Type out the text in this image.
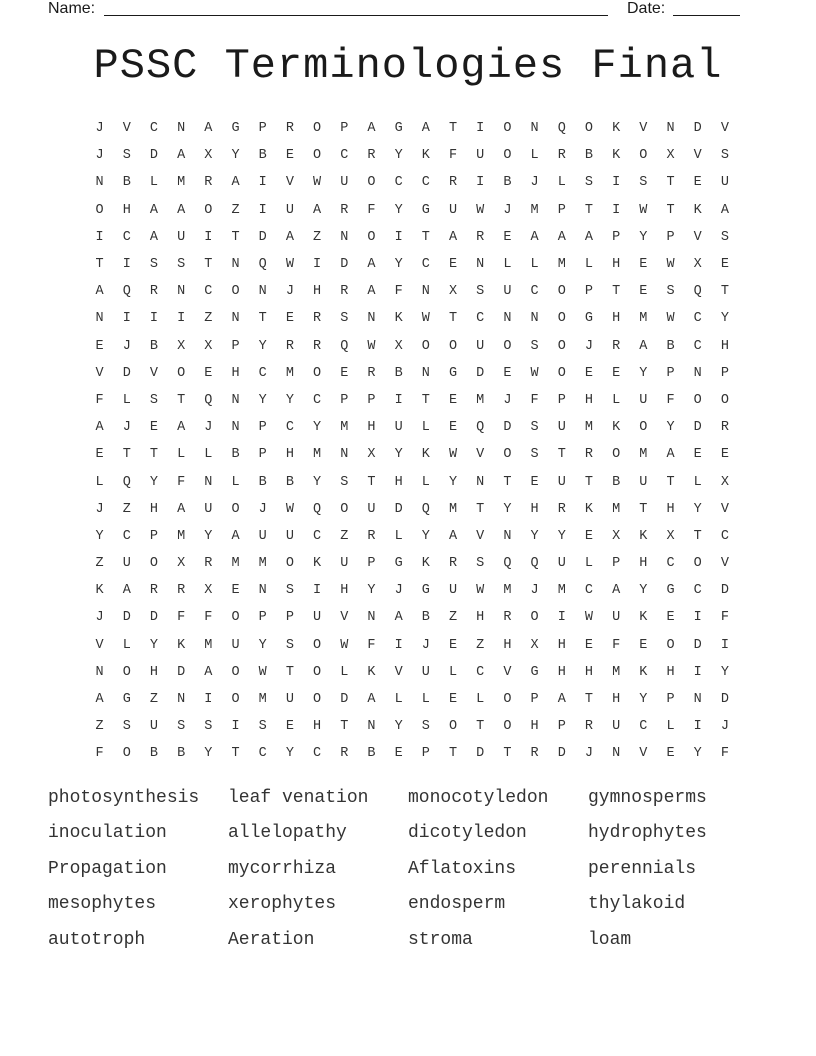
Name:	Date:
PSSC Terminologies Final
J	V	C	N	A	G	P	R	O	P	A	G	A	T	I	O	N	Q	O	K	V	N	D	V
J	S	D	A	X	Y	B	E	O	C	R	Y	K	F	U	O	L	R	B	K	O	X	V	S
N	B	L	M	R	A	I	V	W	U	O	C	C	R	I	B	J	L	S	I	S	T	E	U
O	H	A	A	O	Z	I	U	A	R	F	Y	G	U	W	J	M	P	T	I	W	T	K	A
I	C	A	U	I	T	D	A	Z	N	O	I	T	A	R	E	A	A	A	P	Y	P	V	S
T	I	S	S	T	N	Q	W	I	D	A	Y	C	E	N	L	L	M	L	H	E	W	X	E
A	Q	R	N	C	O	N	J	H	R	A	F	N	X	S	U	C	O	P	T	E	S	Q	T
N	I	I	I	Z	N	T	E	R	S	N	K	W	T	C	N	N	O	G	H	M	W	C	Y
E	J	B	X	X	P	Y	R	R	Q	W	X	O	O	U	O	S	O	J	R	A	B	C	H
V	D	V	O	E	H	C	M	O	E	R	B	N	G	D	E	W	O	E	E	Y	P	N	P
F	L	S	T	Q	N	Y	Y	C	P	P	I	T	E	M	J	F	P	H	L	U	F	O	O
A	J	E	A	J	N	P	C	Y	M	H	U	L	E	Q	D	S	U	M	K	O	Y	D	R
E	T	T	L	L	B	P	H	M	N	X	Y	K	W	V	O	S	T	R	O	M	A	E	E
L	Q	Y	F	N	L	B	B	Y	S	T	H	L	Y	N	T	E	U	T	B	U	T	L	X
J	Z	H	A	U	O	J	W	Q	O	U	D	Q	M	T	Y	H	R	K	M	T	H	Y	V
Y	C	P	M	Y	A	U	U	C	Z	R	L	Y	A	V	N	Y	Y	E	X	K	X	T	C
Z	U	O	X	R	M	M	O	K	U	P	G	K	R	S	Q	Q	U	L	P	H	C	O	V
K	A	R	R	X	E	N	S	I	H	Y	J	G	U	W	M	J	M	C	A	Y	G	C	D
J	D	D	F	F	O	P	P	U	V	N	A	B	Z	H	R	O	I	W	U	K	E	I	F
V	L	Y	K	M	U	Y	S	O	W	F	I	J	E	Z	H	X	H	E	F	E	O	D	I
N	O	H	D	A	O	W	T	O	L	K	V	U	L	C	V	G	H	H	M	K	H	I	Y
A	G	Z	N	I	O	M	U	O	D	A	L	L	E	L	O	P	A	T	H	Y	P	N	D
Z	S	U	S	S	I	S	E	H	T	N	Y	S	O	T	O	H	P	R	U	C	L	I	J
F	O	B	B	Y	T	C	Y	C	R	B	E	P	T	D	T	R	D	J	N	V	E	Y	F
photosynthesis	leaf venation	monocotyledon	gymnosperms
inoculation	allelopathy	dicotyledon	hydrophytes
Propagation	mycorrhiza	Aflatoxins	perennials
mesophytes	xerophytes	endosperm	thylakoid
autotroph	Aeration	stroma	loam
